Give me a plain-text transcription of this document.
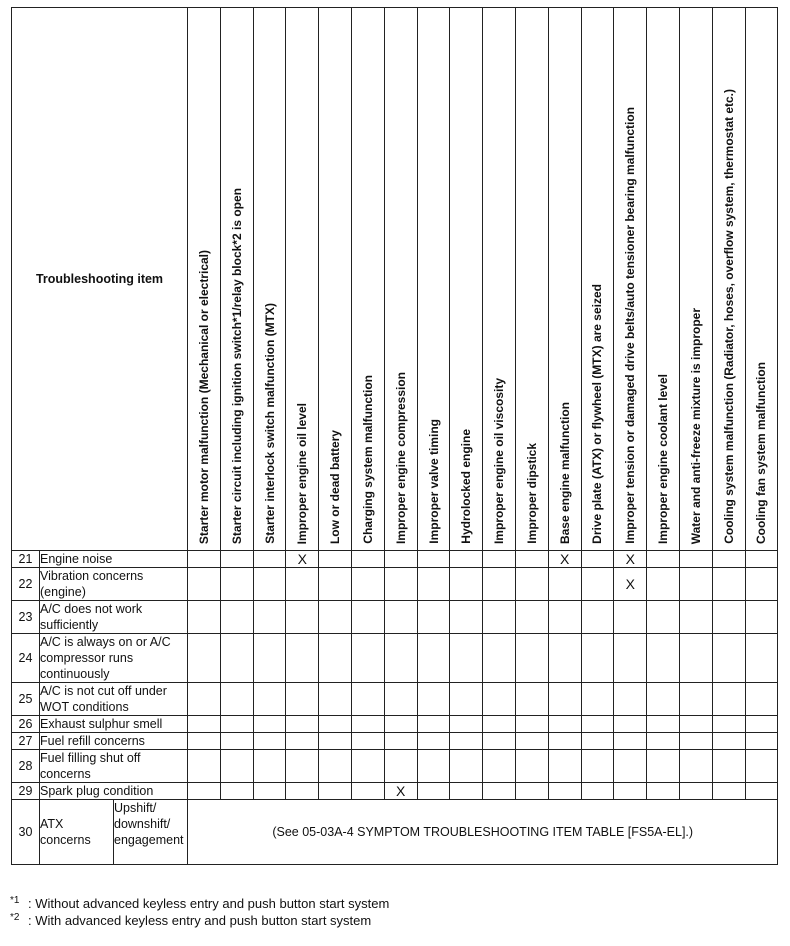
Troubleshooting item			Starter motor malfunction (Mechanical or electrical)	Starter circuit including ignition switch*1/relay block*2 is open	Starter interlock switch malfunction (MTX)	Improper engine oil level	Low or dead battery	Charging system malfunction	Improper engine compression	Improper valve timing	Hydrolocked engine	Improper engine oil viscosity	Improper dipstick	Base engine malfunction	Drive plate (ATX) or flywheel (MTX) are seized	Improper tension or damaged drive belts/auto tensioner bearing malfunction	Improper engine coolant level	Water and anti-freeze mixture is improper	Cooling system malfunction (Radiator, hoses, overflow system, thermostat etc.)	Cooling fan system malfunction

21	Engine noise					X								X		X				
22	Vibration concerns (engine)															X				
23	A/C does not work sufficiently																			
24	A/C is always on or A/C compressor runs continuously																			
25	A/C is not cut off under WOT conditions																			
26	Exhaust sulphur smell																			
27	Fuel refill concerns																			
28	Fuel filling shut off concerns																			
29	Spark plug condition								X											
30	ATX concerns	Upshift/ downshift/ engagement	(See 05-03A-4 SYMPTOM TROUBLESHOOTING ITEM TABLE [FS5A-EL].)																	
*1 : Without advanced keyless entry and push button start system
*2 : With advanced keyless entry and push button start system
